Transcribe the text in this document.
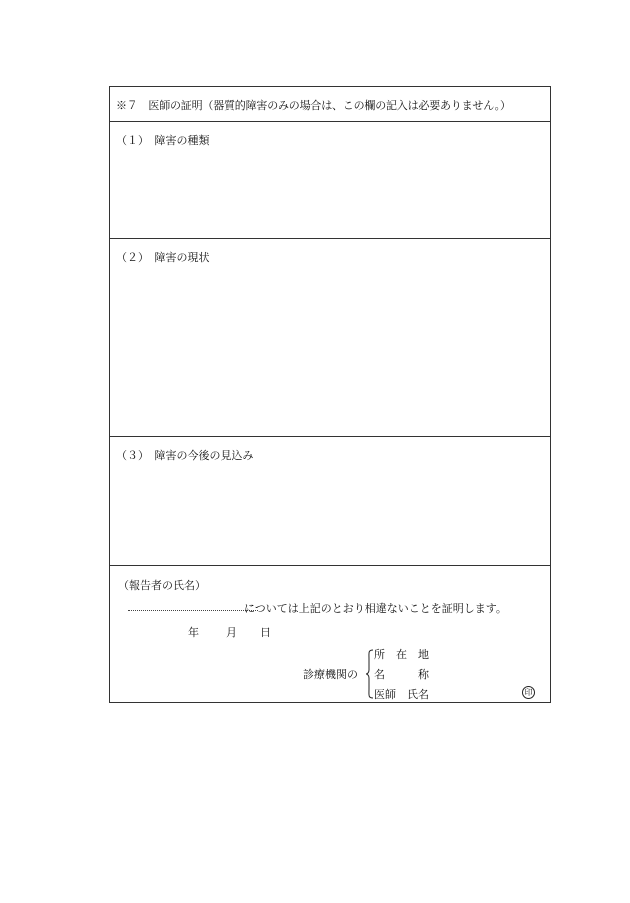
※７　医師の証明（器質的障害のみの場合は、この欄の記入は必要ありません。）
（１）　障害の種類
（２）　障害の現状
（３）　障害の今後の見込み
（報告者の氏名）
については上記のとおり相違ないことを証明します。
年 月 日
診療機関の
所　在　地
名　　　称
医師　氏名	印
